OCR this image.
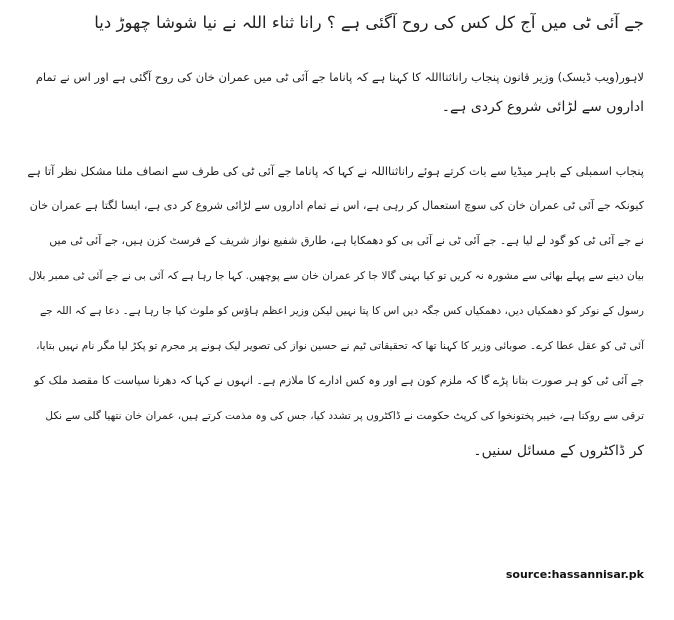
جے آئی ٹی میں آج کل کس کی روح آگئی ہے ؟ رانا ثناء اللہ نے نیا شوشا چھوڑ دیا
لاہور(ویب ڈیسک) وزیر قانون پنجاب راناثنااللہ کا کہنا ہے کہ پاناما جے آئی ٹی میں عمران خان کی روح آگئی ہے اور اس نے تمام
اداروں سے لڑائی شروع کردی ہے۔
پنجاب اسمبلی کے باہر میڈیا سے بات کرتے ہوئے راناثنااللہ نے کہا کہ پاناما جے آئی ٹی کی طرف سے انصاف ملنا مشکل نظر آتا ہے
کیونکہ جے آئی ٹی عمران خان کی سوچ استعمال کر رہی ہے، اس نے تمام اداروں سے لڑائی شروع کر دی ہے، ایسا لگتا ہے عمران خان
نے جے آئی ٹی کو گود لے لیا ہے۔ جے آئی ٹی نے آئی بی کو دھمکایا ہے، طارق شفیع نواز شریف کے فرسٹ کزن ہیں، جے آئی ٹی میں
بیان دینے سے پہلے بھائی سے مشورہ نہ کریں تو کیا بہنی گالا جا کر عمران خان سے پوچھیں. کہا جا رہا ہے کہ آئی بی نے جے آئی ٹی ممبر بلال
رسول کے نوکر کو دھمکیاں دیں، دھمکیاں کس جگہ دیں اس کا پتا نہیں لیکن وزیر اعظم ہاؤس کو ملوث کیا جا رہا ہے۔ دعا ہے کہ اللہ جے
آئی ٹی کو عقل عطا کرے۔ صوبائی وزیر کا کہنا تھا کہ تحقیقاتی ٹیم نے حسین نواز کی تصویر لیک ہونے پر مجرم تو پکڑ لیا مگر نام نہیں بتایا،
جے آئی ٹی کو ہر صورت بتانا پڑے گا کہ ملزم کون ہے اور وہ کس ادارے کا ملازم ہے۔ انہوں نے کہا کہ دھرنا سیاست کا مقصد ملک کو
ترقی سے روکنا ہے، خیبر پختونخوا کی کرپٹ حکومت نے ڈاکٹروں پر تشدد کیا، جس کی وہ مذمت کرتے ہیں، عمران خان نتھیا گلی سے نکل
کر ڈاکٹروں کے مسائل سنیں۔
source:hassannisar.pk
